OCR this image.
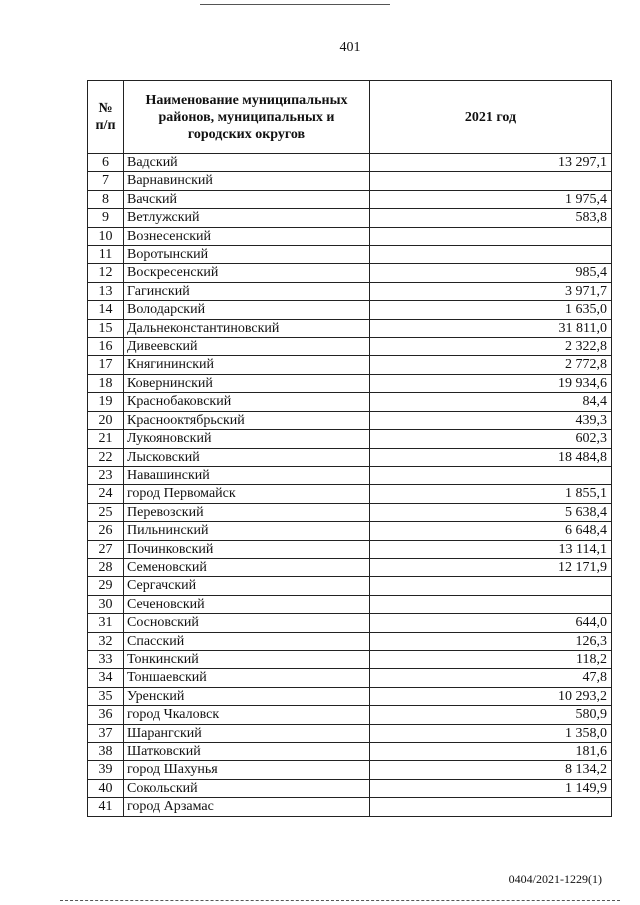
401
№ п/п	Наименование муниципальных районов, муниципальных и городских округов	2021 год
6	Вадский	13 297,1
7	Варнавинский	
8	Вачский	1 975,4
9	Ветлужский	583,8
10	Вознесенский	
11	Воротынский	
12	Воскресенский	985,4
13	Гагинский	3 971,7
14	Володарский	1 635,0
15	Дальнеконстантиновский	31 811,0
16	Дивеевский	2 322,8
17	Княгининский	2 772,8
18	Ковернинский	19 934,6
19	Краснобаковский	84,4
20	Краснооктябрьский	439,3
21	Лукояновский	602,3
22	Лысковский	18 484,8
23	Навашинский	
24	город Первомайск	1 855,1
25	Перевозский	5 638,4
26	Пильнинский	6 648,4
27	Починковский	13 114,1
28	Семеновский	12 171,9
29	Сергачский	
30	Сеченовский	
31	Сосновский	644,0
32	Спасский	126,3
33	Тонкинский	118,2
34	Тоншаевский	47,8
35	Уренский	10 293,2
36	город Чкаловск	580,9
37	Шарангский	1 358,0
38	Шатковский	181,6
39	город Шахунья	8 134,2
40	Сокольский	1 149,9
41	город Арзамас	
0404/2021-1229(1)
